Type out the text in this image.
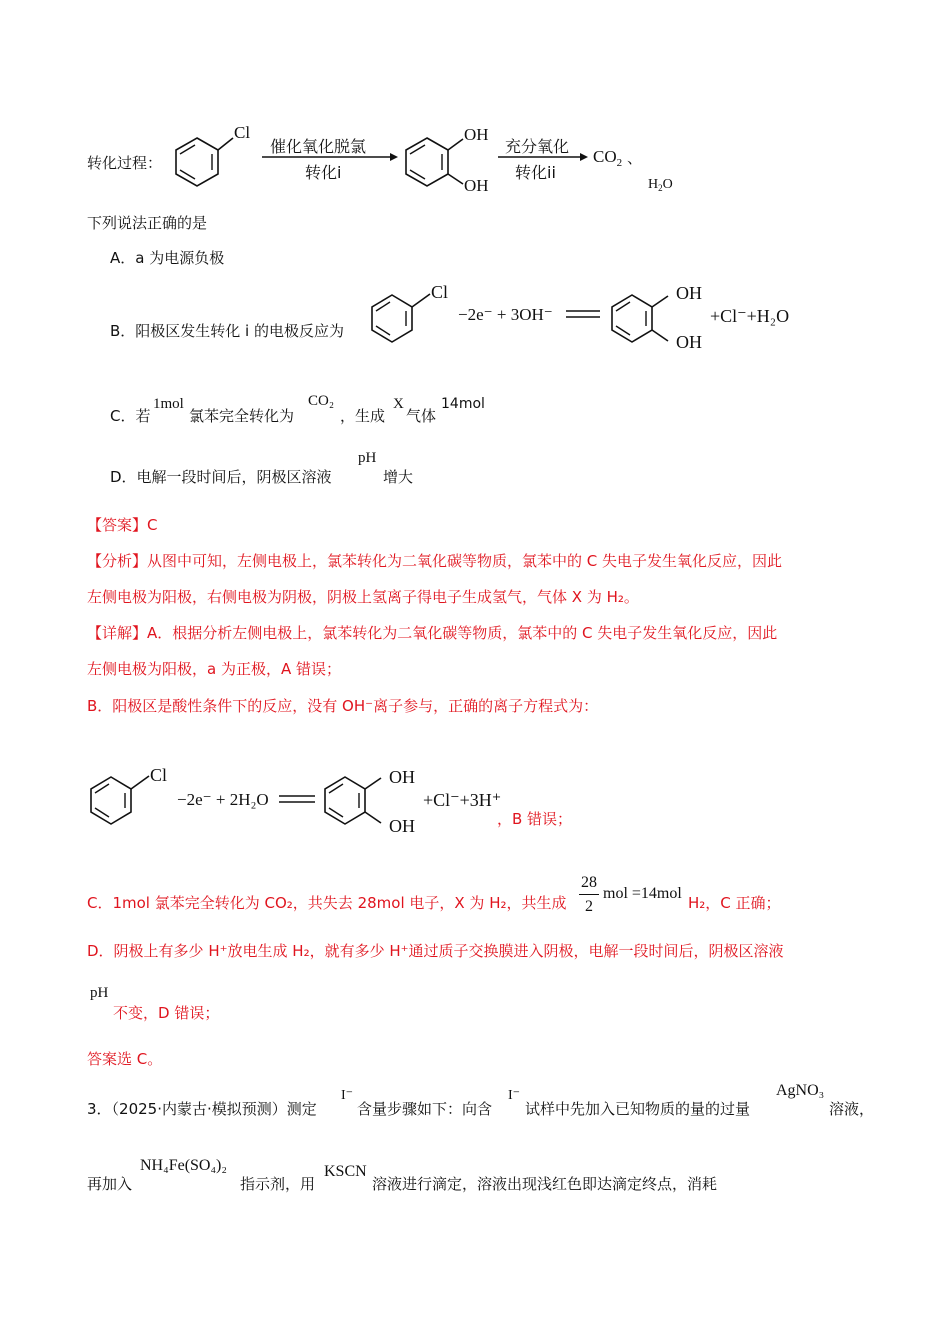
转化过程：
Cl	OH
OH
$CO_2$ 、
$H_2O$
催化氧化脱氯
转化i
充分氧化
转化ii
下列说法正确的是
A．a 为电源负极
B．阳极区发生转化 i 的电极反应为
Cl
−2e⁻ + 3OH⁻
OH
OH
+Cl⁻+H₂O
C．若
1mol
氯苯完全转化为
CO₂
，生成
X
气体
14mol
D．电解一段时间后，阴极区溶液
pH
增大
【答案】C
【分析】从图中可知，左侧电极上，氯苯转化为二氧化碳等物质，氯苯中的 C 失电子发生氧化反应，因此
左侧电极为阳极，右侧电极为阴极，阴极上氢离子得电子生成氢气，气体 X 为 H₂。
【详解】A．根据分析左侧电极上，氯苯转化为二氧化碳等物质，氯苯中的 C 失电子发生氧化反应，因此
左侧电极为阳极，a 为正极，A 错误；
B．阳极区是酸性条件下的反应，没有 OH⁻离子参与，正确的离子方程式为：
Cl
−2e⁻ + 2H₂O
OH
OH
+Cl⁻+3H⁺
，B 错误；
C．1mol 氯苯完全转化为 CO₂，共失去 28mol 电子，X 为 H₂，共生成
28
2
mol =14mol
H₂，C 正确；
D．阴极上有多少 H⁺放电生成 H₂，就有多少 H⁺通过质子交换膜进入阴极，电解一段时间后，阴极区溶液
pH
不变，D 错误；
答案选 C。
3．（2025·内蒙古·模拟预测）测定
I⁻
含量步骤如下：向含
I⁻
试样中先加入已知物质的量的过量
AgNO₃
溶液，
再加入
NH₄Fe(SO₄)₂
指示剂，用
KSCN
溶液进行滴定，溶液出现浅红色即达滴定终点，消耗
